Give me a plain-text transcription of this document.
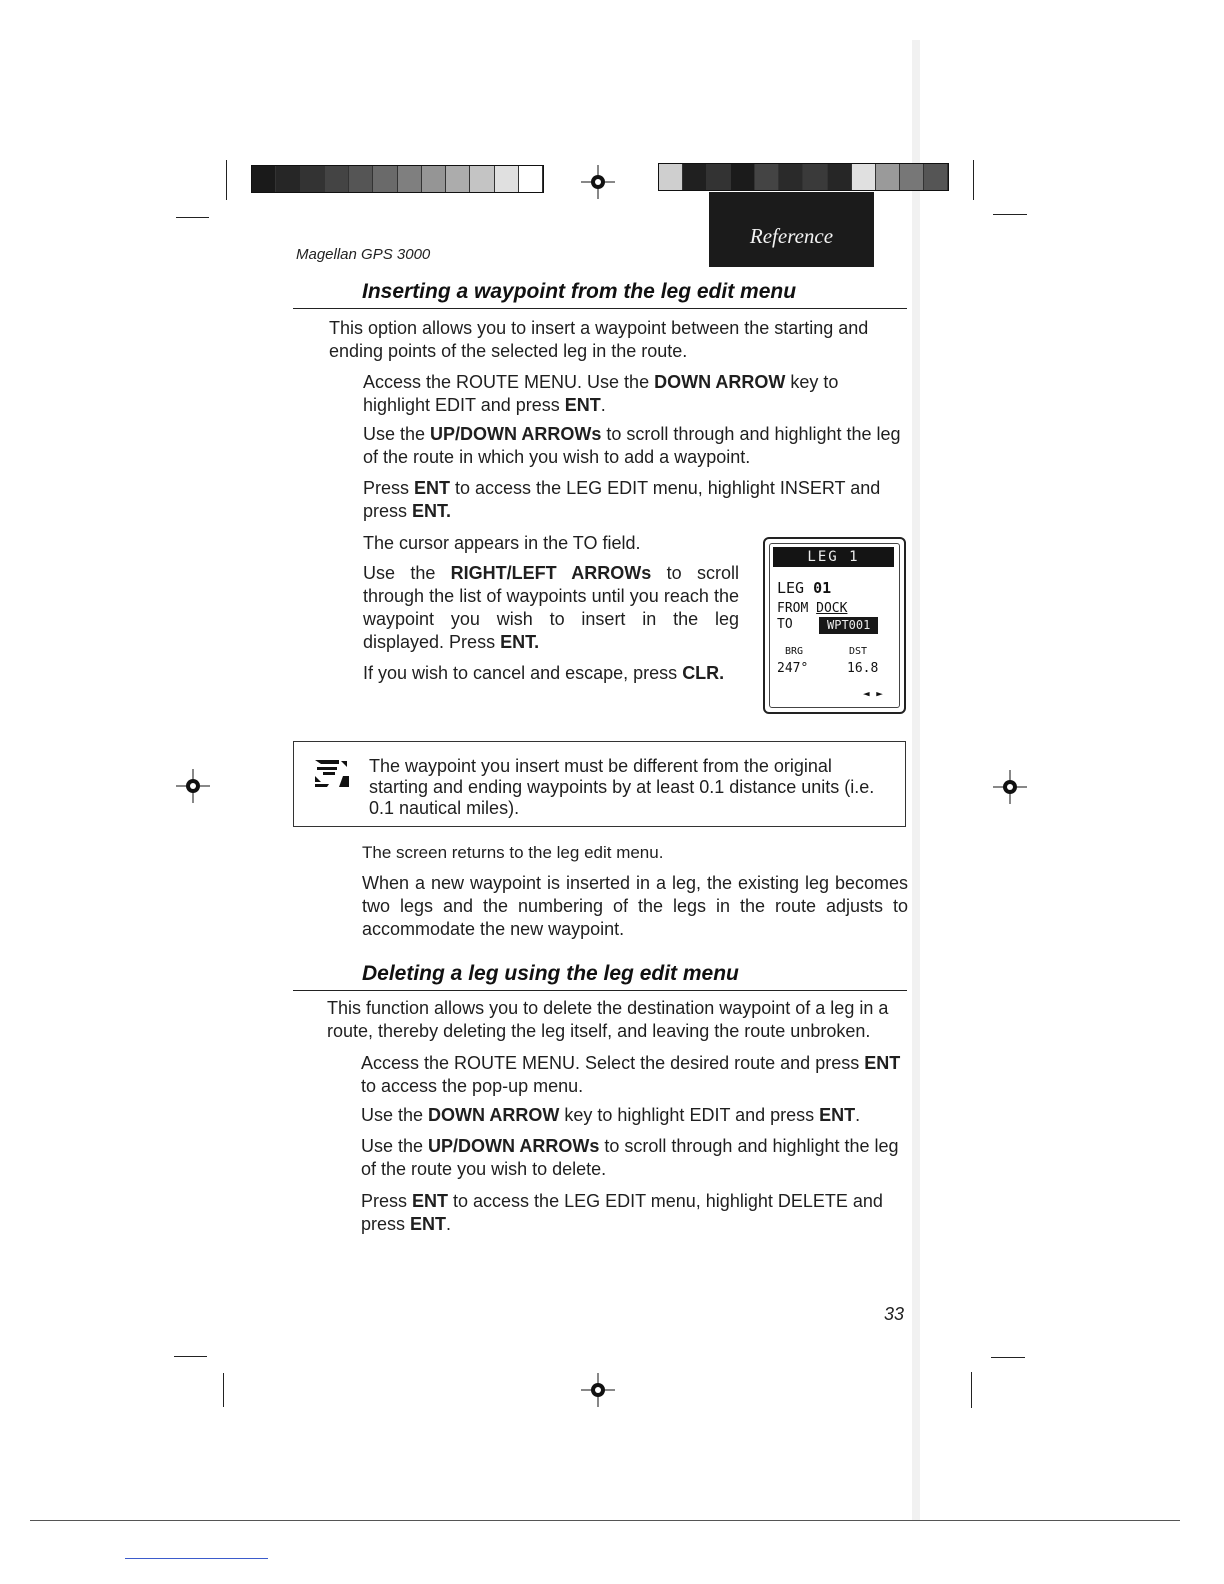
Magellan GPS 3000
Reference
Inserting a waypoint from the leg edit menu
This option allows you to insert a waypoint between the starting and ending points of the selected leg in the route.
Access the ROUTE MENU. Use the DOWN ARROW key to highlight EDIT and press ENT.
Use the UP/DOWN ARROWs to scroll through and highlight the leg of the route in which you wish to add a waypoint.
Press ENT to access the LEG EDIT menu, highlight INSERT and press ENT.
The cursor appears in the TO field.
Use the RIGHT/LEFT ARROWs to scroll through the list of waypoints until you reach the waypoint you wish to insert in the leg displayed. Press ENT.
If you wish to cancel and escape, press CLR.
LEG 1
LEG 01
FROM DOCK
TO	WPT001
BRG	DST
247°	16.8
◄ ►
The waypoint you insert must be different from the original starting and ending waypoints by at least 0.1 distance units (i.e. 0.1 nautical miles).
The screen returns to the leg edit menu.
When a new waypoint is inserted in a leg, the existing leg becomes two legs and the numbering of the legs in the route adjusts to accommodate the new waypoint.
Deleting a leg using the leg edit menu
This function allows you to delete the destination waypoint of a leg in a route, thereby deleting the leg itself, and leaving the route unbroken.
Access the ROUTE MENU. Select the desired route and press ENT to access the pop-up menu.
Use the DOWN ARROW key to highlight EDIT and press ENT.
Use the UP/DOWN ARROWs to scroll through and highlight the leg of the route you wish to delete.
Press ENT to access the LEG EDIT menu, highlight DELETE and press ENT.
33
